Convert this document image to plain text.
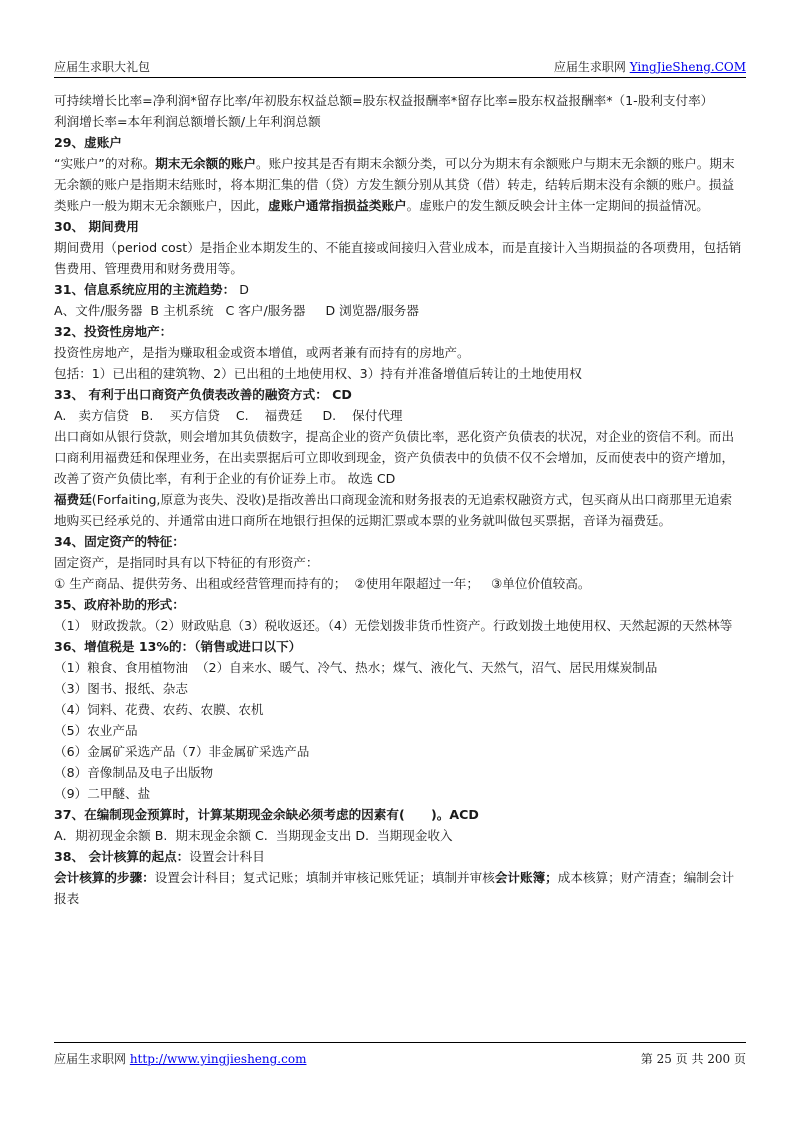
应届生求职大礼包	应届生求职网 YingJieSheng.COM

可持续增长比率=净利润*留存比率/年初股东权益总额=股东权益报酬率*留存比率=股东权益报酬率*（1-股利支付率）

利润增长率=本年利润总额增长额/上年利润总额

29、虚账户

“实账户”的对称。期末无余额的账户。账户按其是否有期末余额分类，可以分为期末有余额账户与期末无余额的账户。期末无余额的账户是指期末结账时，将本期汇集的借（贷）方发生额分别从其贷（借）转走，结转后期末没有余额的账户。损益类账户一般为期末无余额账户，因此，虚账户通常指损益类账户。虚账户的发生额反映会计主体一定期间的损益情况。

30、 期间费用

期间费用（period cost）是指企业本期发生的、不能直接或间接归入营业成本，而是直接计入当期损益的各项费用，包括销售费用、管理费用和财务费用等。

31、信息系统应用的主流趋势： D

A、文件/服务器  B 主机系统   C 客户/服务器     D 浏览器/服务器

32、投资性房地产：

投资性房地产，是指为赚取租金或资本增值，或两者兼有而持有的房地产。

包括：1）已出租的建筑物、2）已出租的土地使用权、3）持有并准备增值后转让的土地使用权

33、 有利于出口商资产负债表改善的融资方式： CD

A.   卖方信贷   B.    买方信贷    C.    福费廷     D.    保付代理

出口商如从银行贷款，则会增加其负债数字，提高企业的资产负债比率，恶化资产负债表的状况，对企业的资信不利。而出口商利用福费廷和保理业务，在出卖票据后可立即收到现金，资产负债表中的负债不仅不会增加，反而使表中的资产增加，改善了资产负债比率，有利于企业的有价证券上市。 故选 CD

福费廷(Forfaiting,原意为丧失、没收)是指改善出口商现金流和财务报表的无追索权融资方式，包买商从出口商那里无追索地购买已经承兑的、并通常由进口商所在地银行担保的远期汇票或本票的业务就叫做包买票据，音译为福费廷。

34、固定资产的特征：

固定资产，是指同时具有以下特征的有形资产：

① 生产商品、提供劳务、出租或经营管理而持有的；  ②使用年限超过一年；   ③单位价值较高。

35、政府补助的形式：

（1） 财政拨款。（2）财政贴息（3）税收返还。（4）无偿划拨非货币性资产。行政划拨土地使用权、天然起源的天然林等

36、增值税是 13%的：（销售或进口以下）

（1）粮食、食用植物油  （2）自来水、暖气、冷气、热水；煤气、液化气、天然气，沼气、居民用煤炭制品

（3）图书、报纸、杂志

（4）饲料、花费、农药、农膜、农机

（5）农业产品

（6）金属矿采选产品（7）非金属矿采选产品

（8）音像制品及电子出版物

（9）二甲醚、盐

37、在编制现金预算时，计算某期现金余缺必须考虑的因素有(      )。ACD

A．期初现金余额 B.  期末现金余额 C.  当期现金支出 D.  当期现金收入

38、 会计核算的起点：设置会计科目

会计核算的步骤：设置会计科目；复式记账；填制并审核记账凭证；填制并审核会计账簿；成本核算；财产清查；编制会计报表

应届生求职网 http://www.yingjiesheng.com	第 25 页 共 200 页
